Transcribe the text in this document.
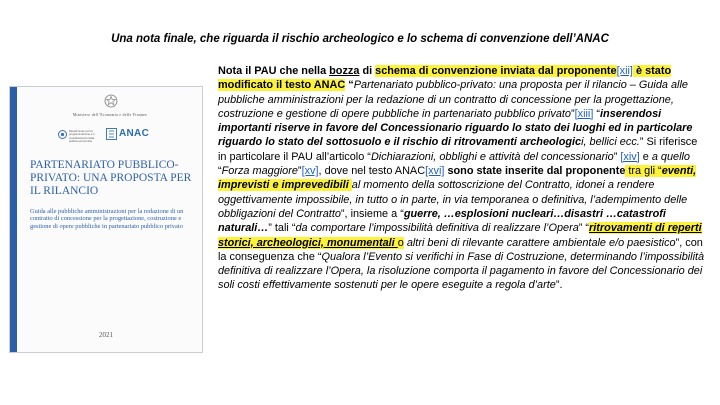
Una nota finale, che riguarda il rischio archeologico e lo schema di convenzione dell’ANAC
Ministero dell’Economia e delle Finanze
Dipartimento per la programmazione e il coordinamento della politica economica
ANAC
PARTENARIATO PUBBLICO-PRIVATO: UNA PROPOSTA PER IL RILANCIO
Guida alle pubbliche amministrazioni per la redazione di un contratto di concessione per la progettazione, costruzione e gestione di opere pubbliche in partenariato pubblico privato
2021

Nota il PAU che nella bozza di schema di convenzione inviata dal proponente[xii] è stato modificato il testo ANAC “Partenariato pubblico-privato: una proposta per il rilancio – Guida alle pubbliche amministrazioni per la redazione di un contratto di concessione per la progettazione, costruzione e gestione di opere pubbliche in partenariato pubblico privato”[xiii] “inserendosi importanti riserve in favore del Concessionario riguardo lo stato dei luoghi ed in particolare riguardo lo stato del sottosuolo e il rischio di ritrovamenti archeologici, bellici ecc.” Si riferisce in particolare il PAU all’articolo “Dichiarazioni, obblighi e attività del concessionario” [xiv] e a quello “Forza maggiore”[xv], dove nel testo ANAC[xvi] sono state inserite dal proponente tra gli “eventi, imprevisti e imprevedibili al momento della sottoscrizione del Contratto, idonei a rendere oggettivamente impossibile, in tutto o in parte, in via temporanea o definitiva, l’adempimento delle obbligazioni del Contratto”, insieme a “guerre, …esplosioni nucleari…disastri …catastrofi naturali…” tali “da comportare l’impossibilità definitiva di realizzare l’Opera” “ritrovamenti di reperti storici, archeologici, monumentali o altri beni di rilevante carattere ambientale e/o paesistico”, con la conseguenza che “Qualora l’Evento si verifichi in Fase di Costruzione, determinando l’impossibilità definitiva di realizzare l’Opera, la risoluzione comporta il pagamento in favore del Concessionario dei soli costi effettivamente sostenuti per le opere eseguite a regola d’arte”.
